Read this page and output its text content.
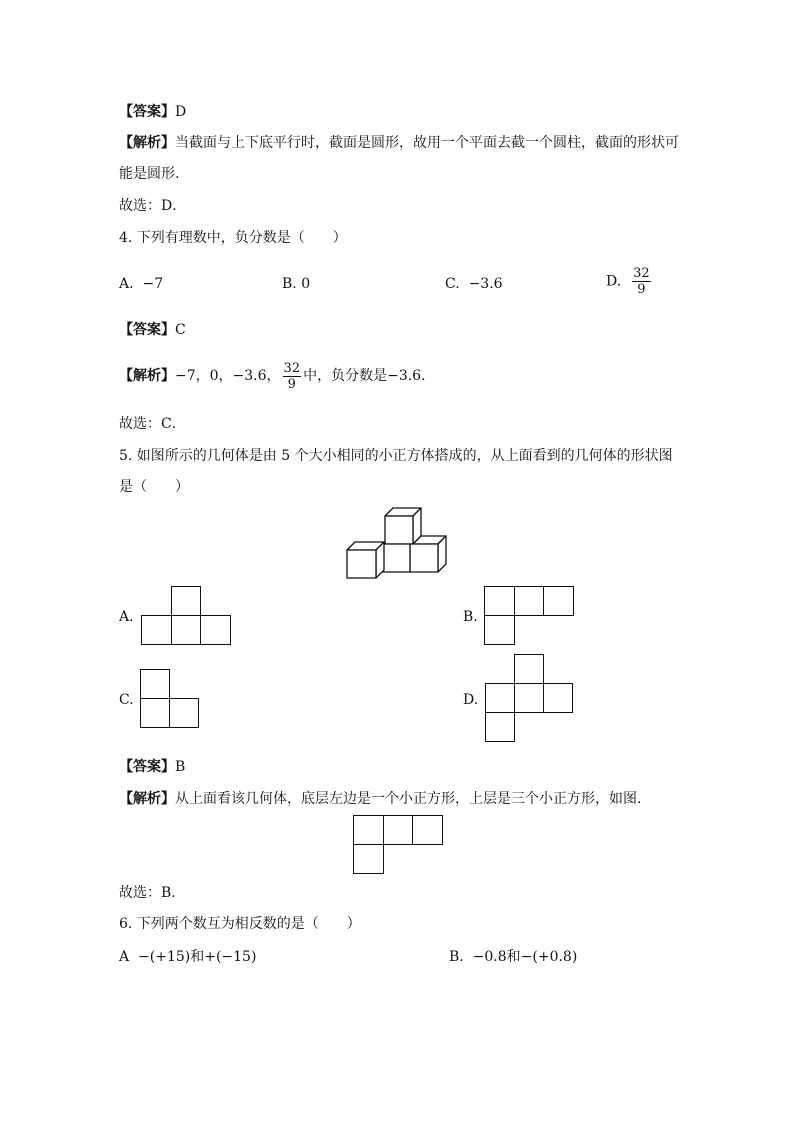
【答案】D
【解析】当截面与上下底平行时，截面是圆形，故用一个平面去截一个圆柱，截面的形状可
能是圆形.
故选：D．
4. 下列有理数中，负分数是（　　）
A. −7	B. 0	C. −3.6	D. $\frac{32}{9}$
【答案】C
【解析】−7，0，−3.6， $\frac{32}{9}$ 中，负分数是−3.6.
故选：C．
5. 如图所示的几何体是由 5 个大小相同的小正方体搭成的，从上面看到的几何体的形状图
是（　　）
A.	B.
C.	D.
【答案】B
【解析】从上面看该几何体，底层左边是一个小正方形，上层是三个小正方形，如图.
故选：B．
6. 下列两个数互为相反数的是（　　）
A −(+15)和+(−15)	B. −0.8和−(+0.8)
